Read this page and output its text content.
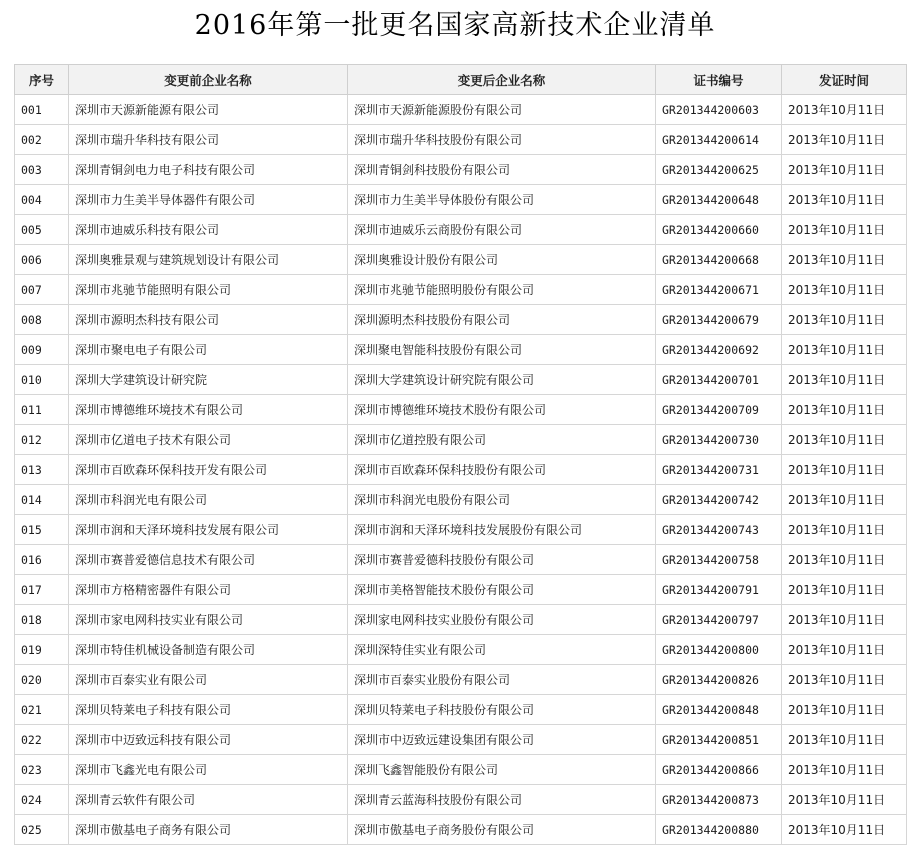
2016年第一批更名国家高新技术企业清单
序号	变更前企业名称	变更后企业名称	证书编号	发证时间
001	深圳市天源新能源有限公司	深圳市天源新能源股份有限公司	GR201344200603	2013年10月11日
002	深圳市瑞升华科技有限公司	深圳市瑞升华科技股份有限公司	GR201344200614	2013年10月11日
003	深圳青铜剑电力电子科技有限公司	深圳青铜剑科技股份有限公司	GR201344200625	2013年10月11日
004	深圳市力生美半导体器件有限公司	深圳市力生美半导体股份有限公司	GR201344200648	2013年10月11日
005	深圳市迪威乐科技有限公司	深圳市迪威乐云商股份有限公司	GR201344200660	2013年10月11日
006	深圳奥雅景观与建筑规划设计有限公司	深圳奥雅设计股份有限公司	GR201344200668	2013年10月11日
007	深圳市兆驰节能照明有限公司	深圳市兆驰节能照明股份有限公司	GR201344200671	2013年10月11日
008	深圳市源明杰科技有限公司	深圳源明杰科技股份有限公司	GR201344200679	2013年10月11日
009	深圳市聚电电子有限公司	深圳聚电智能科技股份有限公司	GR201344200692	2013年10月11日
010	深圳大学建筑设计研究院	深圳大学建筑设计研究院有限公司	GR201344200701	2013年10月11日
011	深圳市博德维环境技术有限公司	深圳市博德维环境技术股份有限公司	GR201344200709	2013年10月11日
012	深圳市亿道电子技术有限公司	深圳市亿道控股有限公司	GR201344200730	2013年10月11日
013	深圳市百欧森环保科技开发有限公司	深圳市百欧森环保科技股份有限公司	GR201344200731	2013年10月11日
014	深圳市科润光电有限公司	深圳市科润光电股份有限公司	GR201344200742	2013年10月11日
015	深圳市润和天泽环境科技发展有限公司	深圳市润和天泽环境科技发展股份有限公司	GR201344200743	2013年10月11日
016	深圳市赛普爱德信息技术有限公司	深圳市赛普爱德科技股份有限公司	GR201344200758	2013年10月11日
017	深圳市方格精密器件有限公司	深圳市美格智能技术股份有限公司	GR201344200791	2013年10月11日
018	深圳市家电网科技实业有限公司	深圳家电网科技实业股份有限公司	GR201344200797	2013年10月11日
019	深圳市特佳机械设备制造有限公司	深圳深特佳实业有限公司	GR201344200800	2013年10月11日
020	深圳市百泰实业有限公司	深圳市百泰实业股份有限公司	GR201344200826	2013年10月11日
021	深圳贝特莱电子科技有限公司	深圳贝特莱电子科技股份有限公司	GR201344200848	2013年10月11日
022	深圳市中迈致远科技有限公司	深圳市中迈致远建设集团有限公司	GR201344200851	2013年10月11日
023	深圳市飞鑫光电有限公司	深圳飞鑫智能股份有限公司	GR201344200866	2013年10月11日
024	深圳青云软件有限公司	深圳青云蓝海科技股份有限公司	GR201344200873	2013年10月11日
025	深圳市傲基电子商务有限公司	深圳市傲基电子商务股份有限公司	GR201344200880	2013年10月11日
